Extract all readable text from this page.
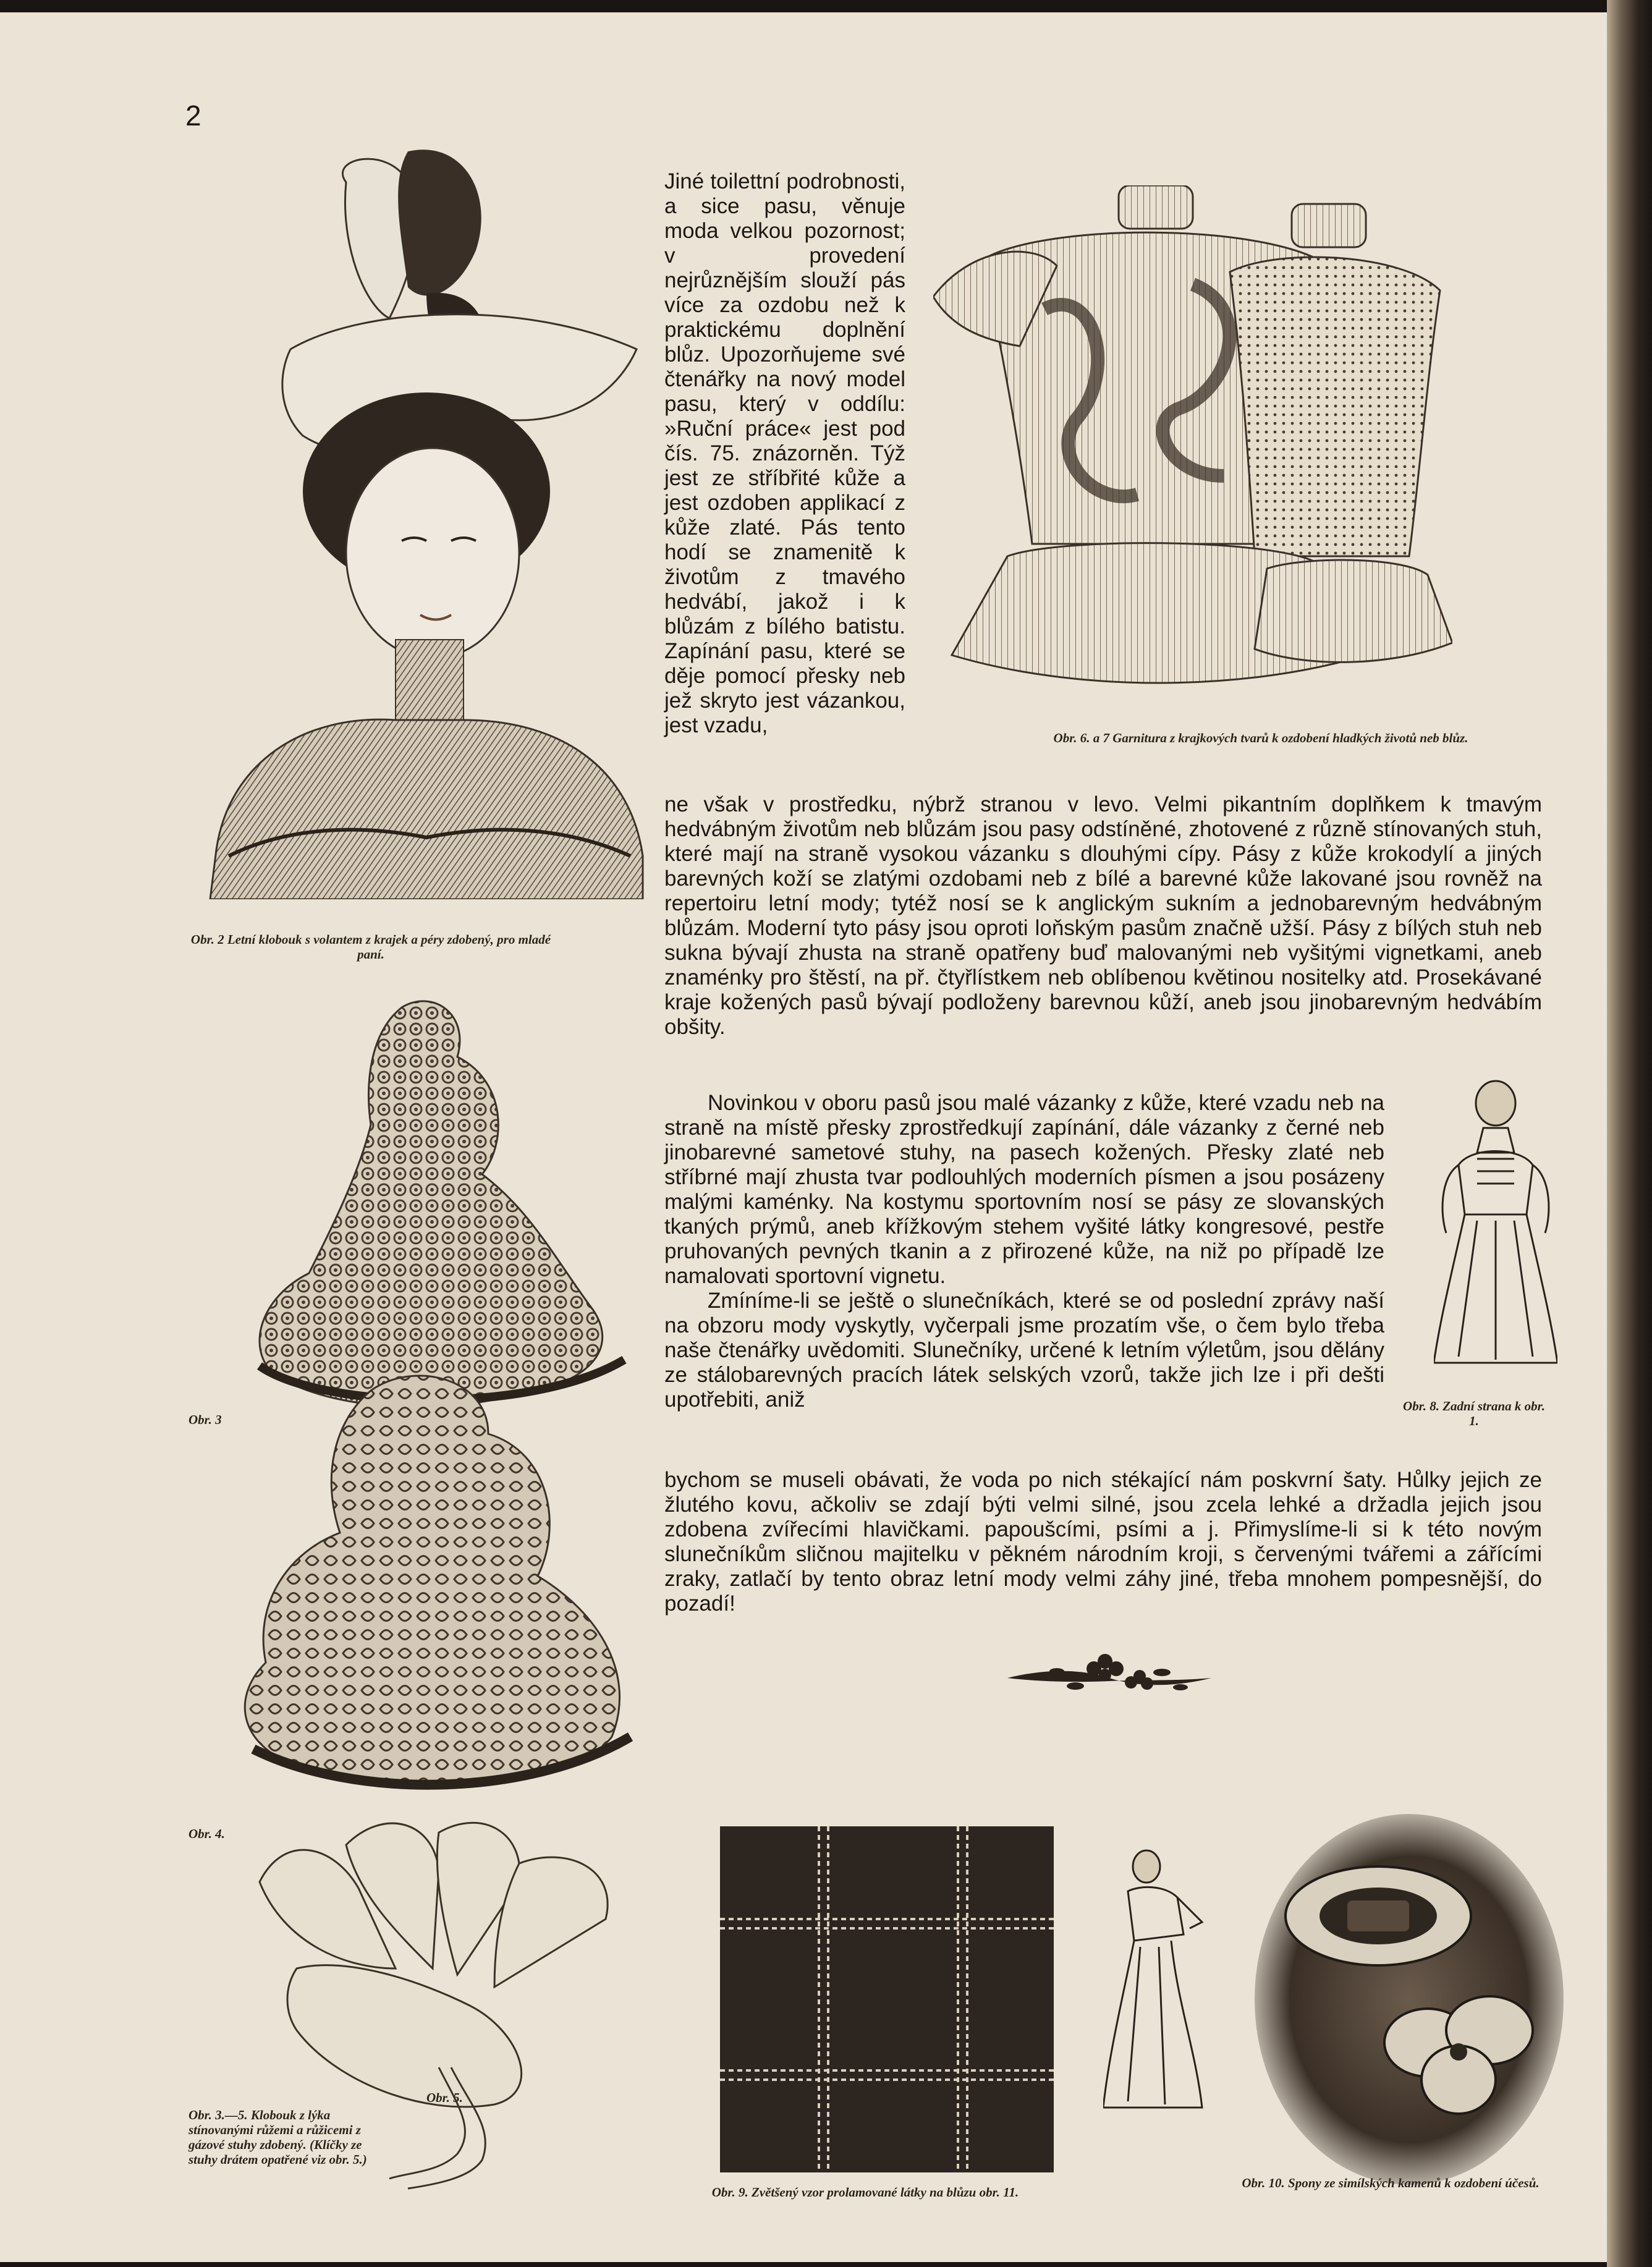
2
Obr. 2 Letní klobouk s volantem z krajek a péry zdobený, pro mladé paní.
Jiné toilettní podrobnosti, a sice pasu, věnuje moda velkou pozornost; v provedení nejrůznějším slouží pás více za ozdobu než k praktickému doplnění blůz. Upozorňujeme své čtenářky na nový model pasu, který v oddílu: »Ruční práce« jest pod čís. 75. znázorněn. Týž jest ze stříbřité kůže a jest ozdoben applikací z kůže zlaté. Pás tento hodí se znamenitě k životům z tmavého hedvábí, jakož i k blůzám z bílého batistu. Zapínání pasu, které se děje pomocí přesky neb jež skryto jest vázankou, jest vzadu,
Obr. 6. a 7 Garnitura z krajkových tvarů k ozdobení hladkých životů neb blůz.
ne však v prostředku, nýbrž stranou v levo. Velmi pikantním doplňkem k tmavým hedvábným životům neb blůzám jsou pasy odstíněné, zhotovené z různě stínovaných stuh, které mají na straně vysokou vázanku s dlouhými cípy. Pásy z kůže krokodylí a jiných barevných koží se zlatými ozdobami neb z bílé a barevné kůže lakované jsou rovněž na repertoiru letní mody; tytéž nosí se k anglickým sukním a jednobarevným hedvábným blůzám. Moderní tyto pásy jsou oproti loňským pasům značně užší. Pásy z bílých stuh neb sukna bývají zhusta na straně opatřeny buď malovanými neb vyšitými vignetkami, aneb znaménky pro štěstí, na př. čtyřlístkem neb oblíbenou květinou nositelky atd. Prosekávané kraje kožených pasů bývají podloženy barevnou kůží, aneb jsou jinobarevným hedvábím obšity.
Obr. 3

Novinkou v oboru pasů jsou malé vázanky z kůže, které vzadu neb na straně na místě přesky zprostředkují zapínání, dále vázanky z černé neb jinobarevné sametové stuhy, na pasech kožených. Přesky zlaté neb stříbrné mají zhusta tvar podlouhlých moderních písmen a jsou posázeny malými kaménky. Na kostymu sportovním nosí se pásy ze slovanských tkaných prýmů, aneb křížkovým stehem vyšité látky kongresové, pestře pruhovaných pevných tkanin a z přirozené kůže, na niž po případě lze namalovati sportovní vignetu.

Zmíníme-li se ještě o slunečníkách, které se od poslední zprávy naší na obzoru mody vyskytly, vyčerpali jsme prozatím vše, o čem bylo třeba naše čtenářky uvědomiti. Slunečníky, určené k letním výletům, jsou dělány ze stálobarevných pracích látek selských vzorů, takže jich lze i při dešti upotřebiti, aniž	Obr. 8. Zadní strana k obr. 1.
bychom se museli obávati, že voda po nich stékající nám poskvrní šaty. Hůlky jejich ze žlutého kovu, ačkoliv se zdají býti velmi silné, jsou zcela lehké a držadla jejich jsou zdobena zvířecími hlavičkami. papoušcími, psími a j. Přimyslíme-li si k této novým slunečníkům sličnou majitelku v pěkném národním kroji, s červenými tvářemi a zářícími zraky, zatlačí by tento obraz letní mody velmi záhy jiné, třeba mnohem pompesnější, do pozadí!
Obr. 4.
Obr. 5.
Obr. 3.—5. Klobouk z lýka stínovanými růžemi a růžicemi z gázové stuhy zdobený. (Klíčky ze stuhy drátem opatřené viz obr. 5.)
Obr. 9. Zvětšený vzor prolamované látky na blůzu obr. 11.
Obr. 10. Spony ze simílských kamenů k ozdobení účesů.
